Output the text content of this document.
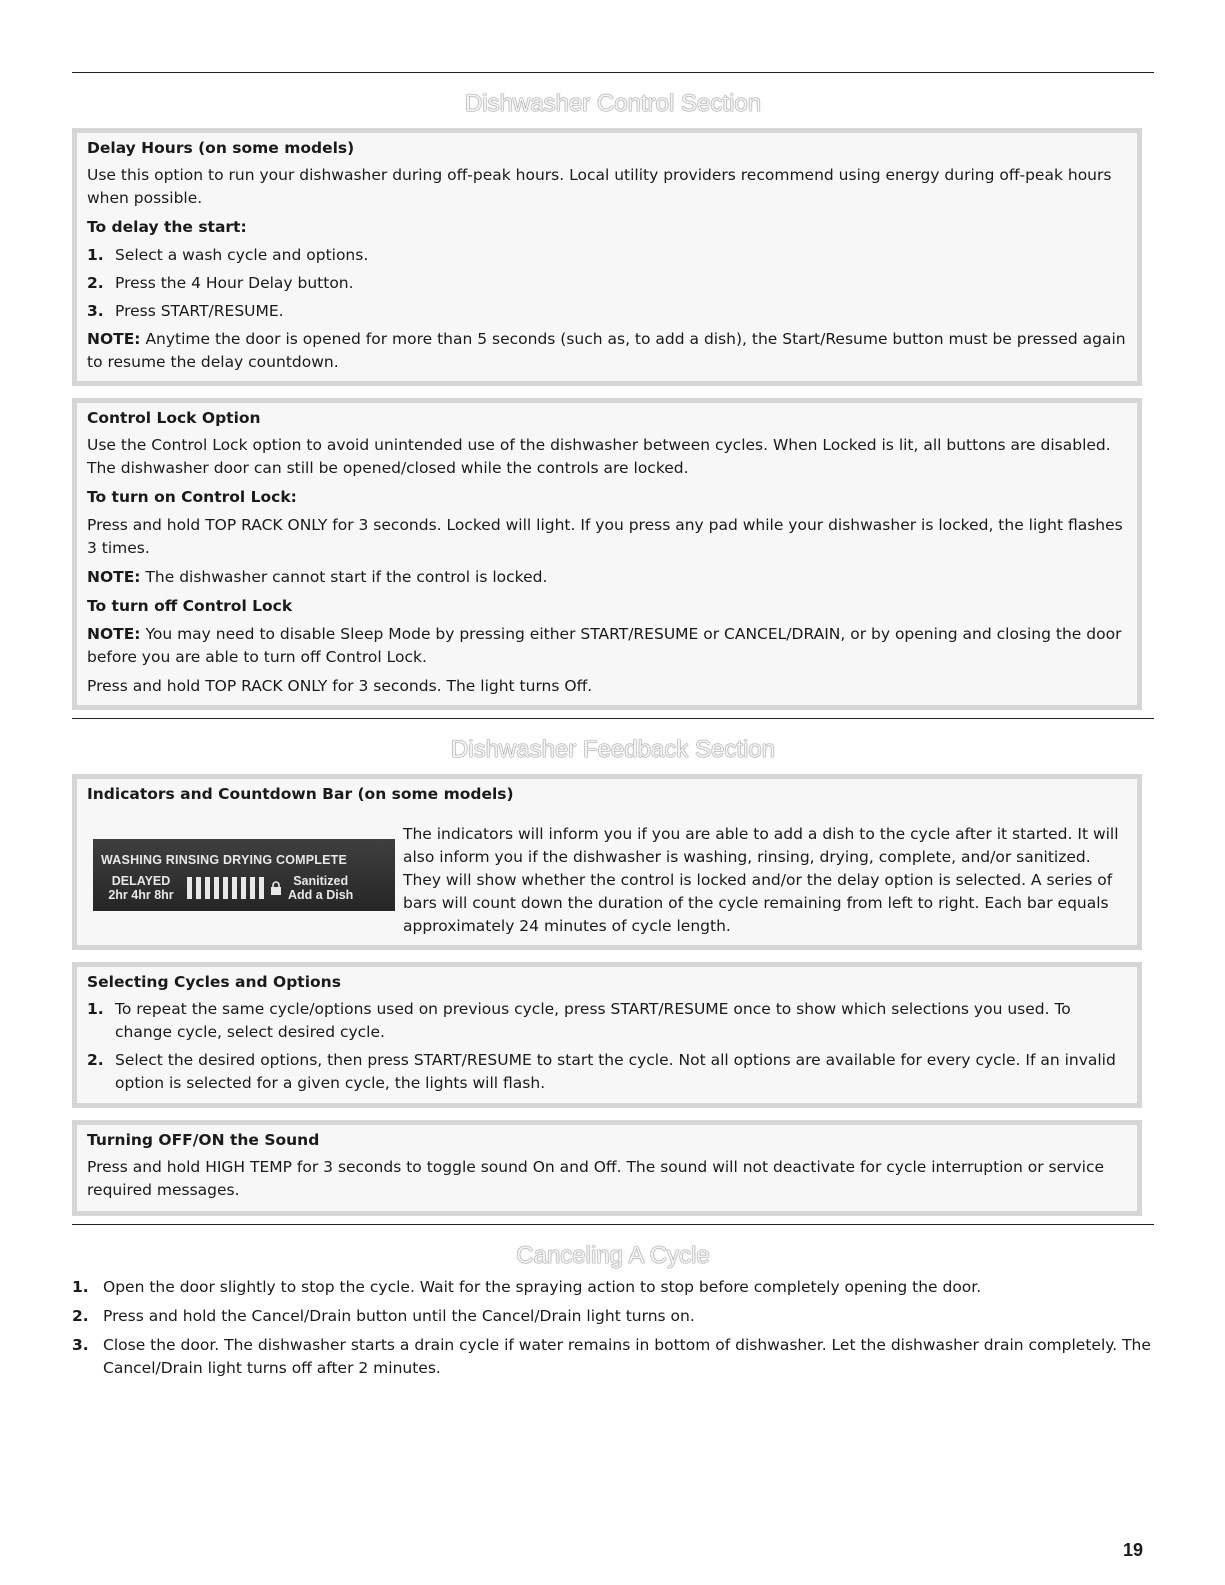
Dishwasher Control Section
Delay Hours (on some models)

Use this option to run your dishwasher during off-peak hours. Local utility providers recommend using energy during off-peak hours when possible.

To delay the start:
1. Select a wash cycle and options.
2. Press the 4 Hour Delay button.
3. Press START/RESUME.

NOTE: Anytime the door is opened for more than 5 seconds (such as, to add a dish), the Start/Resume button must be pressed again to resume the delay countdown.

Control Lock Option

Use the Control Lock option to avoid unintended use of the dishwasher between cycles. When Locked is lit, all buttons are disabled. The dishwasher door can still be opened/closed while the controls are locked.

To turn on Control Lock:

Press and hold TOP RACK ONLY for 3 seconds. Locked will light. If you press any pad while your dishwasher is locked, the light flashes 3 times.

NOTE: The dishwasher cannot start if the control is locked.

To turn off Control Lock

NOTE: You may need to disable Sleep Mode by pressing either START/RESUME or CANCEL/DRAIN, or by opening and closing the door before you are able to turn off Control Lock.

Press and hold TOP RACK ONLY for 3 seconds. The light turns Off.

Dishwasher Feedback Section
Indicators and Countdown Bar (on some models)
WASHING RINSING DRYING COMPLETE
DELAYED
2hr 4hr 8hr
Sanitized
Add a Dish
The indicators will inform you if you are able to add a dish to the cycle after it started. It will also inform you if the dishwasher is washing, rinsing, drying, complete, and/or sanitized. They will show whether the control is locked and/or the delay option is selected. A series of bars will count down the duration of the cycle remaining from left to right. Each bar equals approximately 24 minutes of cycle length.
Selecting Cycles and Options
1. To repeat the same cycle/options used on previous cycle, press START/RESUME once to show which selections you used. To change cycle, select desired cycle.
2. Select the desired options, then press START/RESUME to start the cycle. Not all options are available for every cycle. If an invalid option is selected for a given cycle, the lights will flash.
Turning OFF/ON the Sound

Press and hold HIGH TEMP for 3 seconds to toggle sound On and Off. The sound will not deactivate for cycle interruption or service required messages.

Canceling A Cycle
1. Open the door slightly to stop the cycle. Wait for the spraying action to stop before completely opening the door.
2. Press and hold the Cancel/Drain button until the Cancel/Drain light turns on.
3. Close the door. The dishwasher starts a drain cycle if water remains in bottom of dishwasher. Let the dishwasher drain completely. The Cancel/Drain light turns off after 2 minutes.
19
